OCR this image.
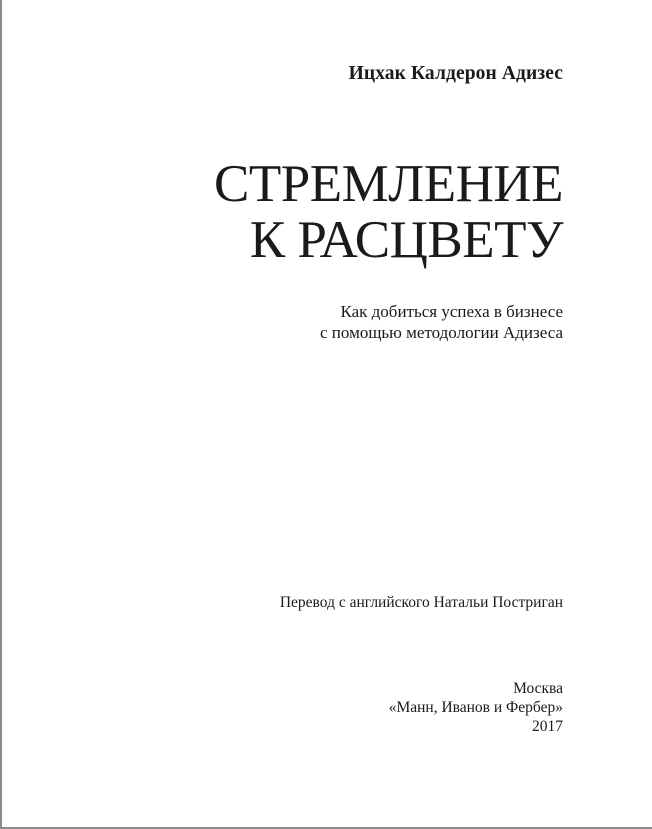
Ицхак Калдерон Адизес
СТРЕМЛЕНИЕ
К РАСЦВЕТУ
Как добиться успеха в бизнесе
с помощью методологии Адизеса
Перевод с английского Натальи Постриган
Москва
«Манн, Иванов и Фербер»
2017
